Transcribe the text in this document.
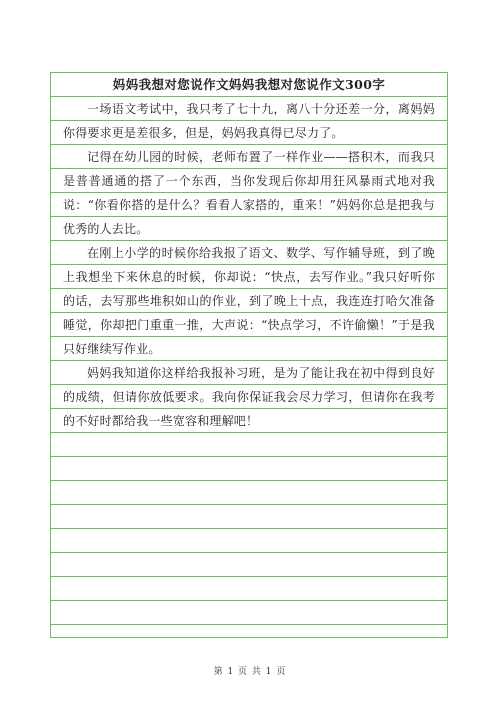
妈妈我想对您说作文妈妈我想对您说作文300字

一场语文考试中，我只考了七十九，离八十分还差一分，离妈妈你得要求更是差很多，但是，妈妈我真得已尽力了。

记得在幼儿园的时候，老师布置了一样作业——搭积木，而我只是普普通通的搭了一个东西，当你发现后你却用狂风暴雨式地对我说：“你看你搭的是什么？看看人家搭的，重来！”妈妈你总是把我与优秀的人去比。

在刚上小学的时候你给我报了语文、数学、写作辅导班，到了晚上我想坐下来休息的时候，你却说：“快点，去写作业。”我只好听你的话，去写那些堆积如山的作业，到了晚上十点，我连连打哈欠准备睡觉，你却把门重重一推，大声说：“快点学习，不许偷懒！”于是我只好继续写作业。

妈妈我知道你这样给我报补习班，是为了能让我在初中得到良好的成绩，但请你放低要求。我向你保证我会尽力学习，但请你在我考的不好时都给我一些宽容和理解吧！

第 1 页 共 1 页
